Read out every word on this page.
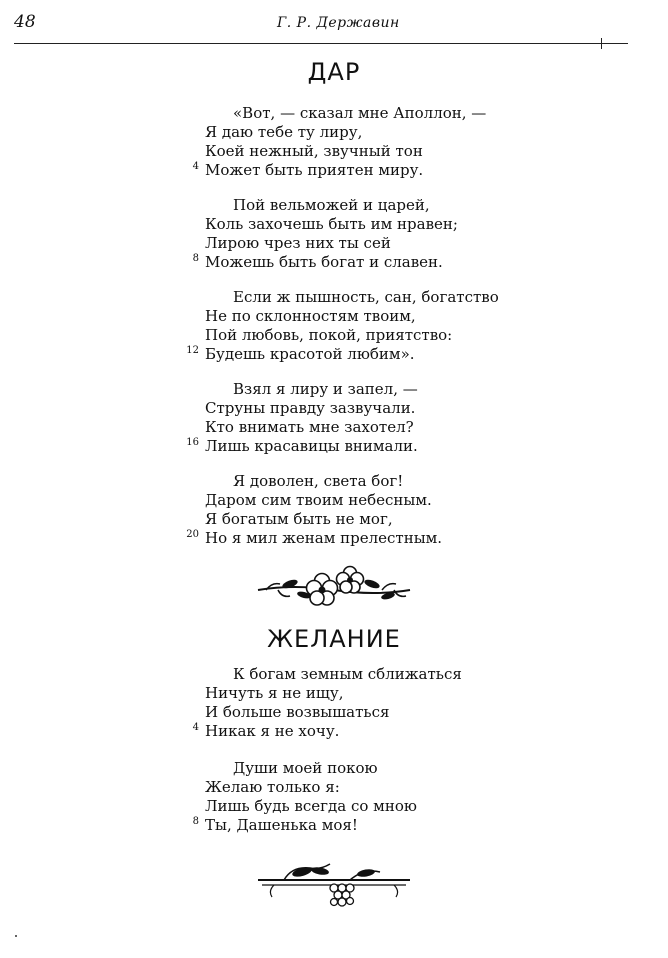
48	Г. Р. Державин
ДАР
«Вот, — сказал мне Аполлон, —
Я даю тебе ту лиру,
Коей нежный, звучный тон
4 Может быть приятен миру.
Пой вельможей и царей,
Коль захочешь быть им нравен;
Лирою чрез них ты сей
8 Можешь быть богат и славен.
Если ж пышность, сан, богатство
Не по склонностям твоим,
Пой любовь, покой, приятство:
12 Будешь красотой любим».
Взял я лиру и запел, —
Струны правду зазвучали.
Кто внимать мне захотел?
16 Лишь красавицы внимали.
Я доволен, света бог!
Даром сим твоим небесным.
Я богатым быть не мог,
20 Но я мил женам прелестным.
ЖЕЛАНИЕ
К богам земным сближаться
Ничуть я не ищу,
И больше возвышаться
4 Никак я не хочу.
Души моей покою
Желаю только я:
Лишь будь всегда со мною
8 Ты, Дашенька моя!
